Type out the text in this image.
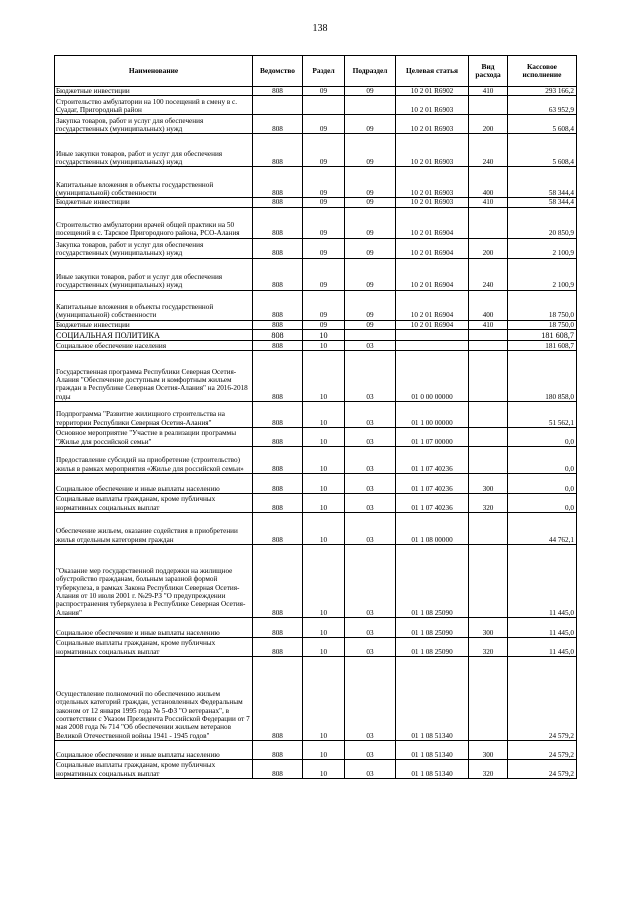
138
Наименование	Ведомство	Раздел	Подраздел	Целевая статья	Вид расхода	Кассовое исполнение
Бюджетные инвестиции	808	09	09	10 2 01 R6902	410	293 166,2
Строительство амбулатории на 100 посещений в смену в с. Суадаг, Пригородный район				10 2 01 R6903		63 952,9
Закупка товаров, работ и услуг для обеспечения государственных (муниципальных) нужд	808	09	09	10 2 01 R6903	200	5 608,4
Иные закупки товаров, работ и услуг для обеспечения государственных (муниципальных) нужд	808	09	09	10 2 01 R6903	240	5 608,4
Капитальные вложения в объекты государственной (муниципальной) собственности	808	09	09	10 2 01 R6903	400	58 344,4
Бюджетные инвестиции	808	09	09	10 2 01 R6903	410	58 344,4
Строительство амбулатории врачей общей практики на 50 посещений в с. Тарское Пригородного района, РСО-Алания	808	09	09	10 2 01 R6904		20 850,9
Закупка товаров, работ и услуг для обеспечения государственных (муниципальных) нужд	808	09	09	10 2 01 R6904	200	2 100,9
Иные закупки товаров, работ и услуг для обеспечения государственных (муниципальных) нужд	808	09	09	10 2 01 R6904	240	2 100,9
Капитальные вложения в объекты государственной (муниципальной) собственности	808	09	09	10 2 01 R6904	400	18 750,0
Бюджетные инвестиции	808	09	09	10 2 01 R6904	410	18 750,0
СОЦИАЛЬНАЯ ПОЛИТИКА	808	10				181 608,7
Социальное обеспечение населения	808	10	03			181 608,7
Государственная программа Республики Северная Осетия-Алания "Обеспечение доступным и комфортным жильем граждан в Республике Северная Осетия-Алания" на 2016-2018 годы	808	10	03	01 0 00 00000		180 858,0
Подпрограмма "Развитие жилищного строительства на территории Республики Северная Осетия-Алания"	808	10	03	01 1 00 00000		51 562,1
Основное мероприятие "Участие в реализации программы "Жилье для российской семьи"	808	10	03	01 1 07 00000		0,0
Предоставление субсидий на приобретение (строительство) жилья в рамках мероприятия «Жилье для российской семьи»	808	10	03	01 1 07 40236		0,0
Социальное обеспечение и иные выплаты населению	808	10	03	01 1 07 40236	300	0,0
Социальные выплаты гражданам, кроме публичных нормативных социальных выплат	808	10	03	01 1 07 40236	320	0,0
Обеспечение жильем, оказание содействия в приобретении жилья отдельным категориям граждан	808	10	03	01 1 08 00000		44 762,1
"Оказание мер государственной поддержки на жилищное обустройство гражданам, больным заразной формой туберкулеза, в рамках Закона Республики Северная Осетия-Алания от 10 июля 2001 г. №29-РЗ "О предупреждении распространения туберкулеза в Республике Северная Осетия-Алания"	808	10	03	01 1 08 25090		11 445,0
Социальное обеспечение и иные выплаты населению	808	10	03	01 1 08 25090	300	11 445,0
Социальные выплаты гражданам, кроме публичных нормативных социальных выплат	808	10	03	01 1 08 25090	320	11 445,0
Осуществление полномочий по обеспечению жильем отдельных категорий граждан, установленных Федеральным законом от 12 января 1995 года № 5-ФЗ "О ветеранах", в соответствии с Указом Президента Российской Федерации от 7 мая 2008 года № 714 "Об обеспечении жильем ветеранов Великой Отечественной войны 1941 - 1945 годов"	808	10	03	01 1 08 51340		24 579,2
Социальное обеспечение и иные выплаты населению	808	10	03	01 1 08 51340	300	24 579,2
Социальные выплаты гражданам, кроме публичных нормативных социальных выплат	808	10	03	01 1 08 51340	320	24 579,2
